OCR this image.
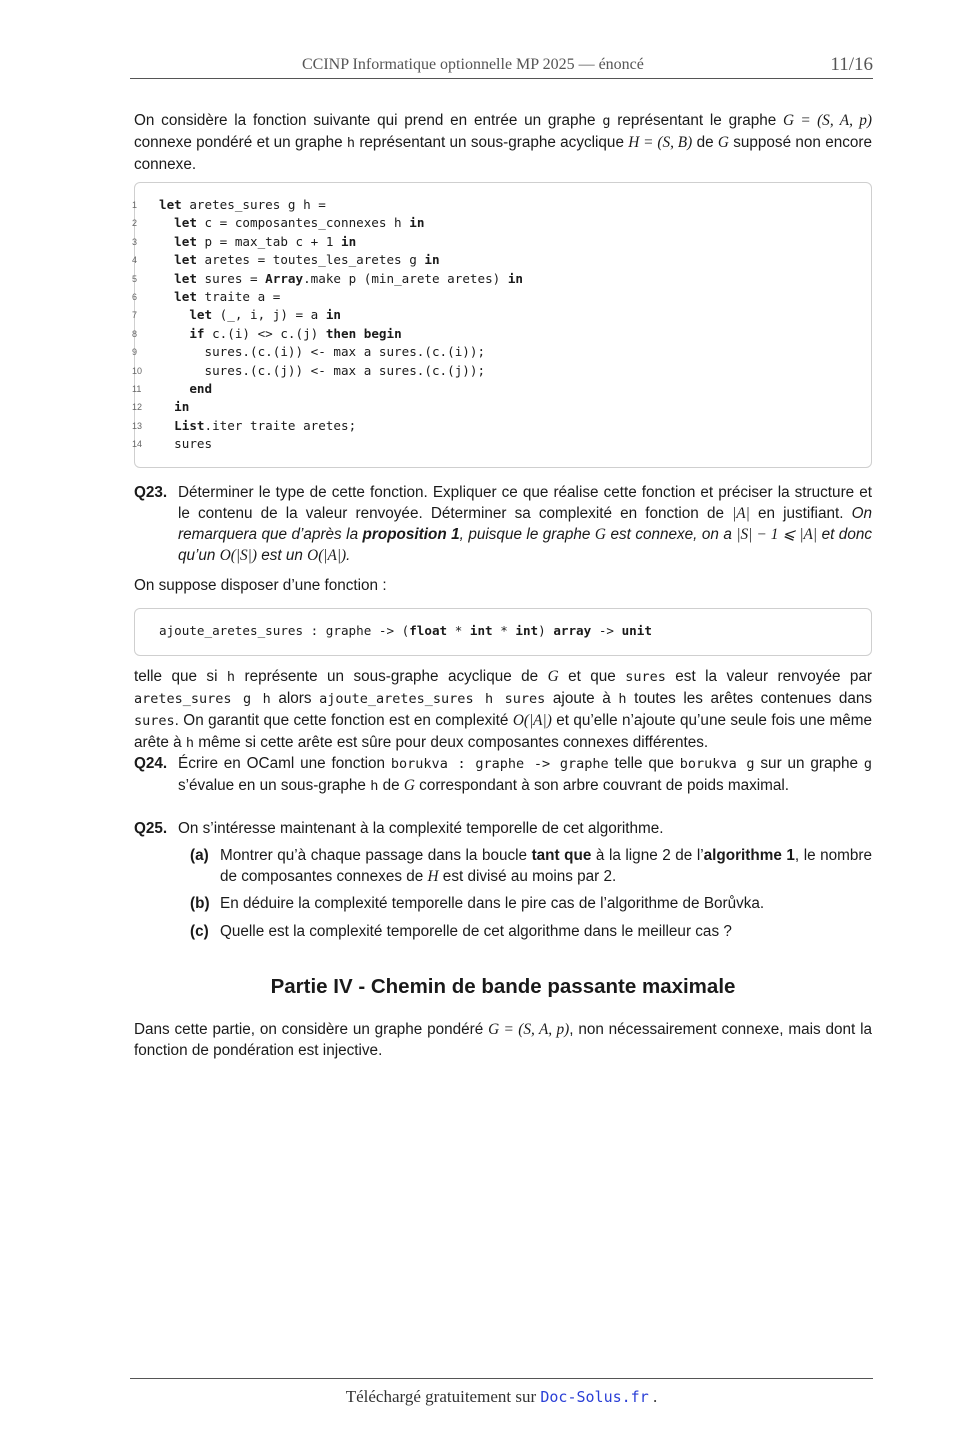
CCINP Informatique optionnelle MP 2025 — énoncé	11/16
On considère la fonction suivante qui prend en entrée un graphe g représentant le graphe G = (S, A, p) connexe pondéré et un graphe h représentant un sous-graphe acyclique H = (S, B) de G supposé non encore connexe.
1 let aretes_sures g h =
2	let c = composantes_connexes h in
3	let p = max_tab c + 1 in
4	let aretes = toutes_les_aretes g in
5	let sures = Array.make p (min_arete aretes) in
6	let traite a =
7	let (_, i, j) = a in
8	if c.(i) <> c.(j) then begin
9 sures.(c.(i)) <- max a sures.(c.(i));
10 sures.(c.(j)) <- max a sures.(c.(j));
11	end
12	in
13	List.iter traite aretes;
14 sures
Q23. Déterminer le type de cette fonction. Expliquer ce que réalise cette fonction et préciser la structure et le contenu de la valeur renvoyée. Déterminer sa complexité en fonction de |A| en justifiant. On remarquera que d’après la proposition 1, puisque le graphe G est connexe, on a |S| − 1 ⩽ |A| et donc qu’un O(|S|) est un O(|A|).
On suppose disposer d’une fonction :
ajoute_aretes_sures : graphe -> (float * int * int) array -> unit
telle que si h représente un sous-graphe acyclique de G et que sures est la valeur renvoyée par aretes_sures g h alors ajoute_aretes_sures h sures ajoute à h toutes les arêtes contenues dans sures. On garantit que cette fonction est en complexité O(|A|) et qu’elle n’ajoute qu’une seule fois une même arête à h même si cette arête est sûre pour deux composantes connexes différentes.
Q24. Écrire en OCaml une fonction borukva : graphe -> graphe telle que borukva g sur un graphe g s’évalue en un sous-graphe h de G correspondant à son arbre couvrant de poids maximal.
Q25. On s’intéresse maintenant à la complexité temporelle de cet algorithme.
(a) Montrer qu’à chaque passage dans la boucle tant que à la ligne 2 de l’algorithme 1, le nombre de composantes connexes de H est divisé au moins par 2.
(b) En déduire la complexité temporelle dans le pire cas de l’algorithme de Borůvka.
(c) Quelle est la complexité temporelle de cet algorithme dans le meilleur cas ?
Partie IV - Chemin de bande passante maximale
Dans cette partie, on considère un graphe pondéré G = (S, A, p), non nécessairement connexe, mais dont la fonction de pondération est injective.
Téléchargé gratuitement sur Doc-Solus.fr .
